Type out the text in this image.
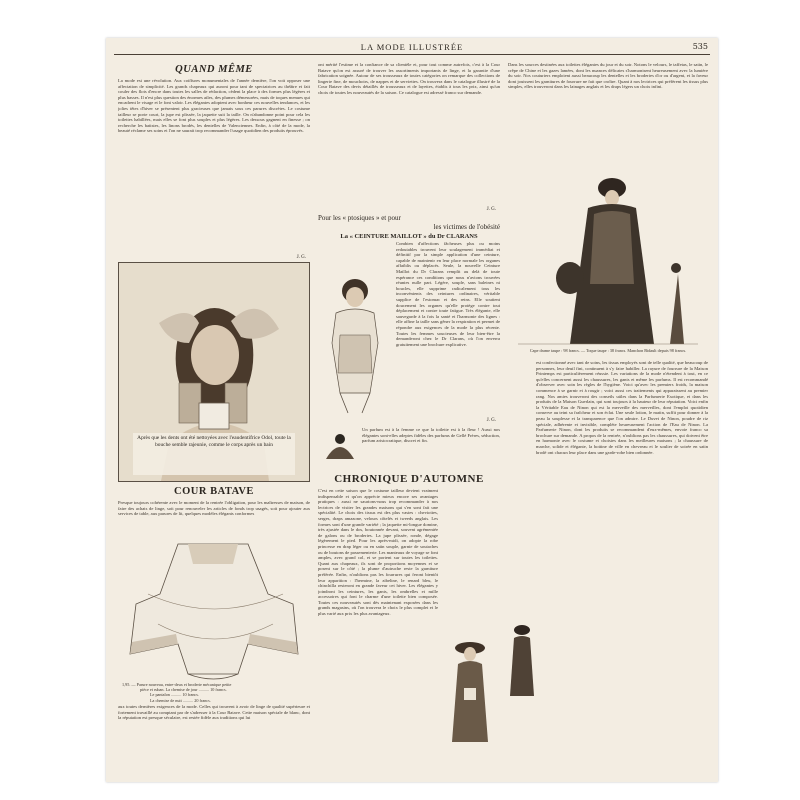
LA MODE ILLUSTRÉE	535
QUAND MÊME

La mode est une révolution. Aux coiffures monumentales de l'année dernière, l'on voit opposer une affectation de simplicité. Les grands chapeaux qui auront pour tant de spectatrices au théâtre et fait couler des flots d'encre dans toutes les salles de rédaction, cèdent la place à des formes plus légères et plus basses. Il n'est plus question des énormes ailes, des plumes démesurées, mais de toques menues qui encadrent le visage et le font valoir. Les élégantes adoptent avec bonheur ces nouvelles tendances, et les jolies têtes d'hiver se présentent plus gracieuses que jamais sous ces parures discrètes. Le costume tailleur se porte court, la jupe est plissée, la jaquette suit la taille. On n'abandonne point pour cela les toilettes habillées, mais elles se font plus souples et plus légères. Les dessous gagnent en finesse ; on recherche les batistes, les linons brodés, les dentelles de Valenciennes. Enfin, à côté de la mode, la beauté réclame ses soins et l'on ne saurait trop recommander l'usage quotidien des produits éprouvés.

J. G.
Après que les dents ont été nettoyées avec l'eaudentifrice Odol, toute la bouche semble rajeunie, comme le corps après un bain
COUR BATAVE

Presque toujours cohérente avec le moment de la rentrée l'obligation, pour les maîtresses de maison, de faire des achats de linge, soit pour renouveler les articles de fonds trop usagés, soit pour ajouter aux services de table, aux parures de lit, quelques modèles élégants conformes

1,95. — Parure nouveau, entre-deux et broderie mécanique petite
pièce et ruban. La chemise de jour .......... 10 francs.
Le pantalon .......... 10 francs.
La chemise de nuit .......... 20 francs.

aux toutes dernières exigences de la mode. Celles qui trouvent à avoir de linge de qualité supérieure et fortement travaillé au comptant par de s'adresser à la Cour Batave. Cette maison spéciale de blanc, dont la réputation est presque séculaire, est restée fidèle aux traditions qui lui

ont mérité l'estime et la confiance de sa clientèle et, pour tout comme autrefois, c'est à la Cour Batave qu'on est assuré de trouver les assortiments importants de linge, et la garantie d'une fabrication soignée. Autour de ses trousseaux de toutes catégories on remarque des collections de lingerie fine, de mouchoirs, de nappes et de serviettes. On trouvera dans le catalogue illustré de la Cour Batave des devis détaillés de trousseaux et de layettes, établis à tous les prix, ainsi qu'un choix de toutes les nouveautés de la saison. Ce catalogue est adressé franco sur demande.

J. G.
Pour les « ptosiques » et pour
les victimes de l'obésité
La « CEINTURE MAILLOT » du Dr CLARANS

Combien d'affections fâcheuses plus ou moins redoutables trouvent leur soulagement immédiat et définitif par la simple application d'une ceinture, capable de maintenir en leur place normale les organes affaiblis ou déplacés. Seule, la nouvelle Ceinture Maillot du Dr Clarans remplit au delà de toute espérance ces conditions que nous n'avions trouvées réunies nulle part. Légère, souple, sans baleines ni boucles, elle supprime radicalement tous les inconvénients des ceintures ordinaires, véritable supplice de l'estomac et des reins. Elle soutient doucement les organes qu'elle protège contre tout déplacement et contre toute fatigue. Très élégante, elle sauvegarde à la fois la santé et l'harmonie des lignes : elle affine la taille sans gêner la respiration et permet de répondre aux exigences de la mode la plus récente. Toutes les femmes soucieuses de leur bien-être la demanderont chez le Dr Clarans, où l'on enverra gratuitement une brochure explicative.

J. G.

Un parfum est à la femme ce que la toilette est à la fleur ! Aussi nos élégantes sont-elles adeptes fidèles des parfums de Gellé Frères, séduction, parfum aristocratique, discret et fin.

CHRONIQUE D'AUTOMNE

C'est en cette saison que le costume tailleur devient vraiment indispensable et qu'on apprécie mieux encore ses avantages pratiques : aussi ne saurions-nous trop recommander à nos lectrices de visiter les grandes maisons qui s'en sont fait une spécialité. Le choix des tissus est des plus vastes : cheviottes, serges, draps amazone, velours côtelés et tweeds anglais. Les formes sont d'une grande variété ; la jaquette mi-longue domine, très ajustée dans le dos, boutonnée devant, souvent agrémentée de galons ou de broderies. La jupe plissée, ronde, dégage légèrement le pied. Pour les après-midi, on adopte la robe princesse en drap léger ou en satin souple, garnie de soutaches ou de boutons de passementerie. Les manteaux de voyage se font amples, avec grand col, et se portent sur toutes les toilettes. Quant aux chapeaux, ils sont de proportions moyennes et se posent sur le côté ; la plume d'autruche reste la garniture préférée. Enfin, n'oublions pas les fourrures qui feront bientôt leur apparition : l'hermine, la zibeline, le renard bleu, le chinchilla resteront en grande faveur cet hiver. Les élégantes y joindront les ceintures, les gants, les ombrelles et mille accessoires qui font le charme d'une toilette bien composée. Toutes ces nouveautés sont dès maintenant exposées dans les grands magasins, où l'on trouvera le choix le plus complet et le plus varié aux prix les plus avantageux.

Dans les sources destinées aux toilettes élégantes du jour et du soir. Notons le velours, le taffetas, le satin, le crêpe de Chine et les gazes lamées, dont les nuances délicates s'harmonisent heureusement avec la lumière du soir. Nos couturiers emploient aussi beaucoup les dentelles et les broderies d'or ou d'argent, et la faveur dont jouissent les garnitures de fourrure ne fait que croître. Quant à nos lectrices qui préfèrent les tissus plus simples, elles trouveront dans les lainages anglais et les draps légers un choix infini.

Cape drame taupe : 98 francs. — Toque taupe : 38 francs. Manchon Bidault depuis 98 francs.

est confectionné avec tant de soins, les tissus employés sont de telle qualité, que beaucoup de personnes, leur deuil fini, continuent à s'y faire habiller. La rayure de fourrure de la Maison Printemps est particulièrement réussie. Les variations de la mode n'étendent à tout, en ce qu'elles concernent aussi les chaussures, les gants et même les parfums. Il est recommandé d'observer avec soin les règles de l'hygiène. Voici qu'avec les premiers froids, la maison commence à se garnir et à rougir ; voici aussi ces traitements qui apparaissent au premier rang. Nos amies trouveront des conseils utiles dans la Parfumerie Exotique, et dans les produits de la Maison Guerlain, qui sont toujours à la hauteur de leur réputation. Voici enfin la Véritable Eau de Ninon qui est la merveille des merveilles, dont l'emploi quotidien conserve au teint sa fraîcheur et son éclat. Une seule lotion, le matin, suffit pour donner à la peau la souplesse et la transparence que l'on admire. Le Duvet de Ninon, poudre de riz spéciale, adhérente et invisible, complète heureusement l'action de l'Eau de Ninon. La Parfumerie Ninon, dont les produits se recommandent d'eux-mêmes, envoie franco sa brochure sur demande. A propos de la rentrée, n'oublions pas les chaussures, qui doivent être en harmonie avec le costume et choisies dans les meilleures maisons ; la chaussure de marche, solide et élégante, la bottine de ville en chevreau et le soulier de soirée en satin brodé ont chacun leur place dans une garde-robe bien ordonnée.
